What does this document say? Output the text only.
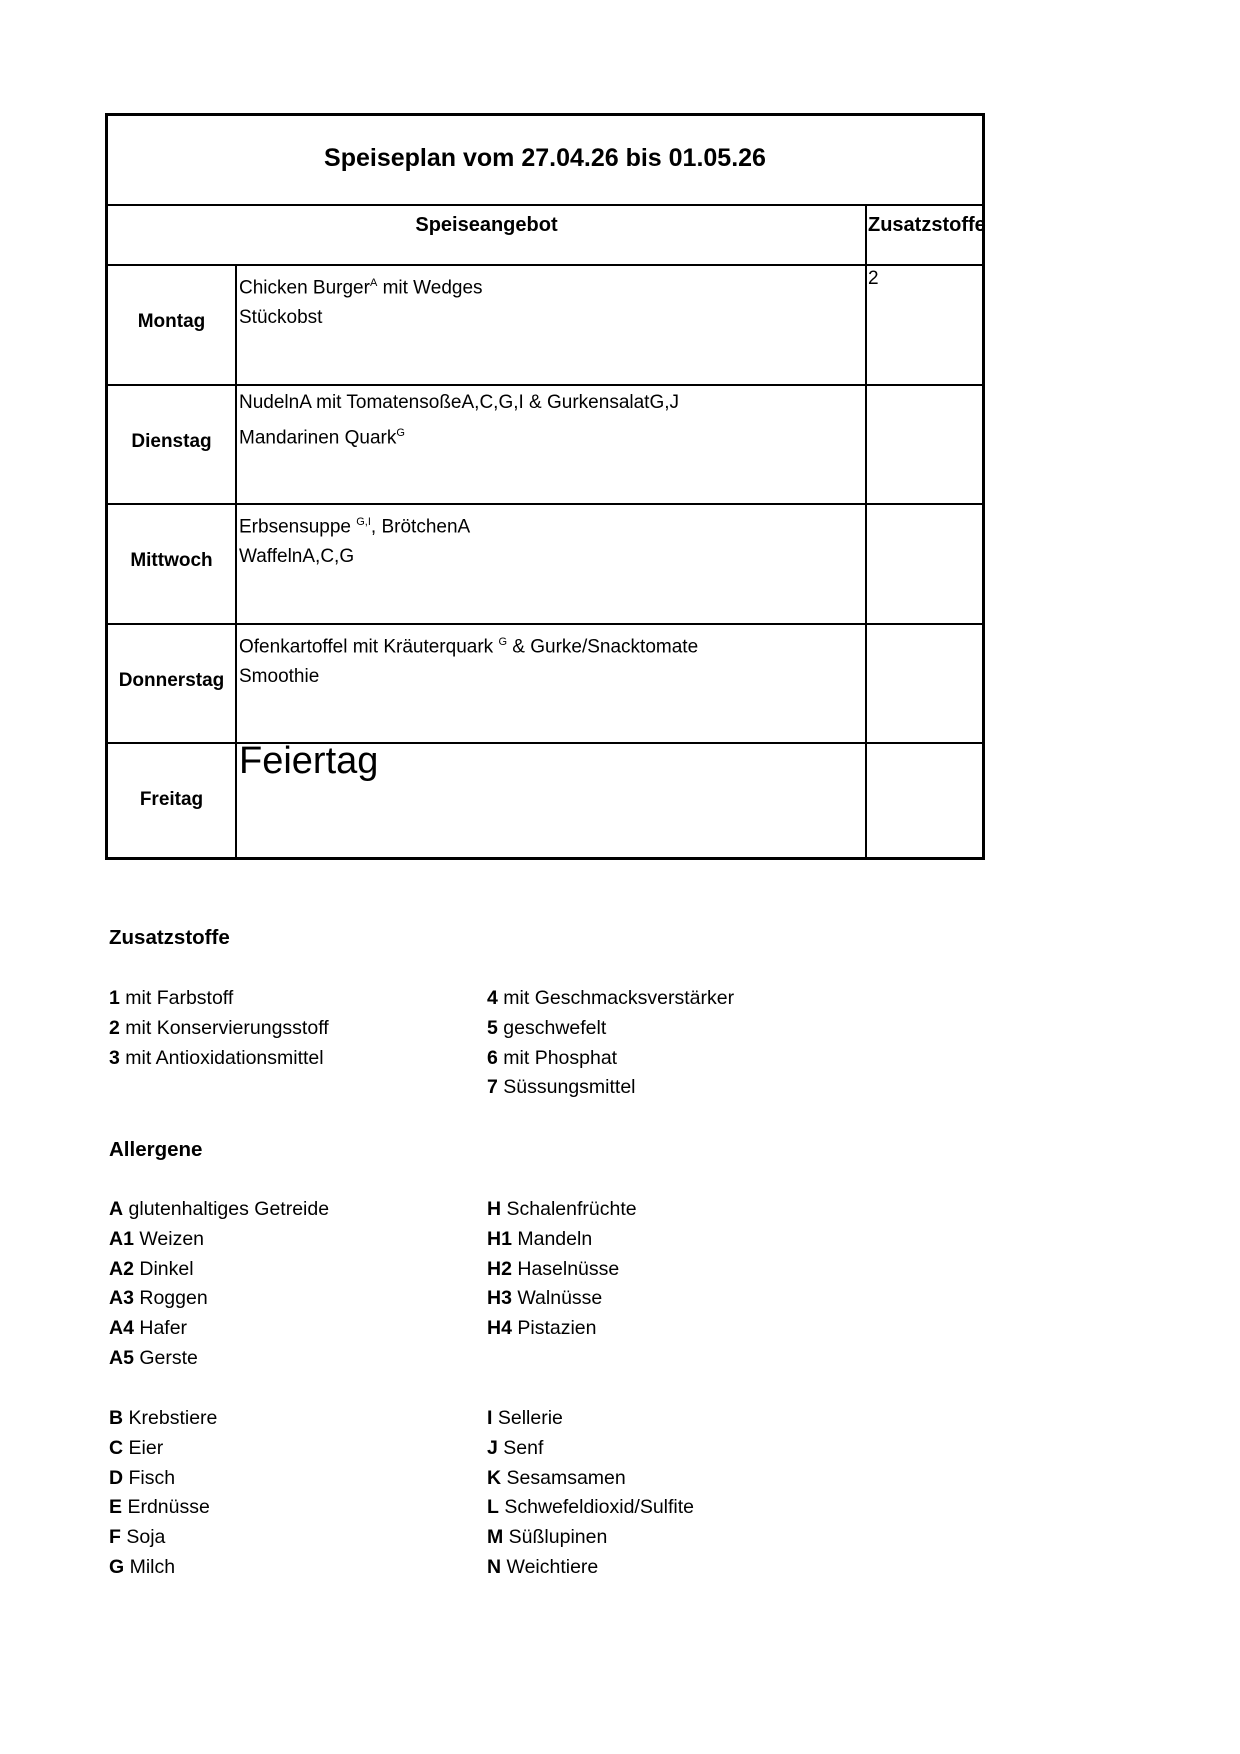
Speiseplan vom 27.04.26 bis 01.05.26
Speiseangebot	Zusatzstoffe
Montag
Chicken Burger$^A$ mit Wedges
Stückobst
2
Dienstag
NudelnA mit TomatensoßeA,C,G,I & GurkensalatG,J
Mandarinen Quark$^G$
Mittwoch
Erbsensuppe $^{G,I}$, BrötchenA
WaffelnA,C,G
Donnerstag
Ofenkartoffel mit Kräuterquark $^G$ & Gurke/Snacktomate
Smoothie
Freitag
Feiertag
Zusatzstoffe
Allergene
1 mit Farbstoff
2 mit Konservierungsstoff
3 mit Antioxidationsmittel
4 mit Geschmacksverstärker
5 geschwefelt
6 mit Phosphat
7 Süssungsmittel
A glutenhaltiges Getreide
A1 Weizen
A2 Dinkel
A3 Roggen
A4 Hafer
A5 Gerste
H Schalenfrüchte
H1 Mandeln
H2 Haselnüsse
H3 Walnüsse
H4 Pistazien
B Krebstiere
C Eier
D Fisch
E Erdnüsse
F Soja
G Milch
I Sellerie
J Senf
K Sesamsamen
L Schwefeldioxid/Sulfite
M Süßlupinen
N Weichtiere
